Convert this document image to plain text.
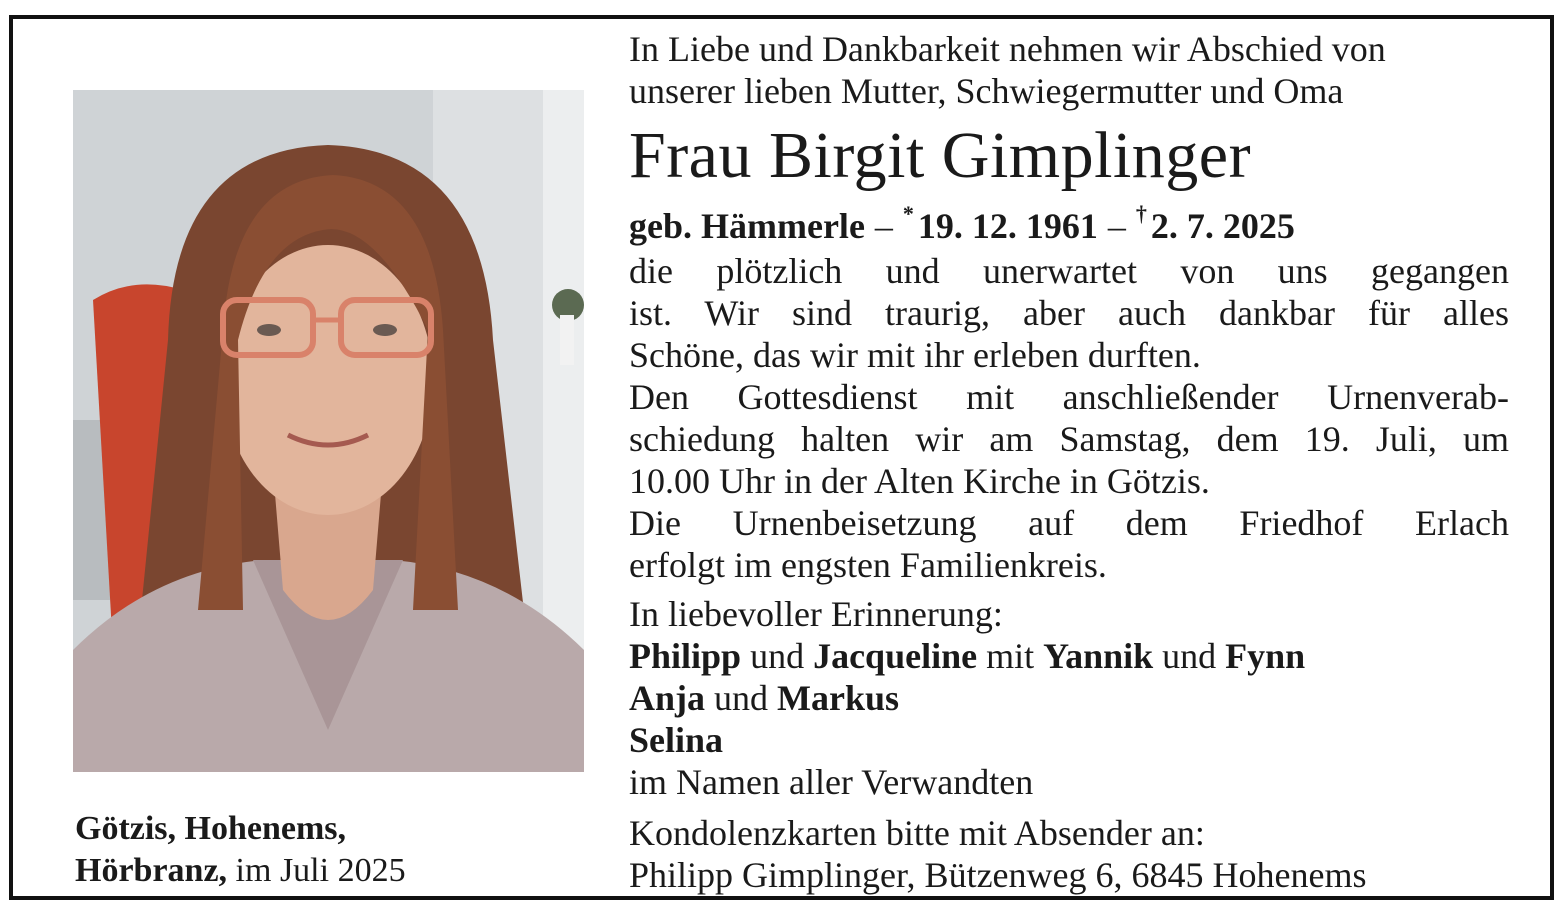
In Liebe und Dankbarkeit nehmen wir Abschied von
unserer lieben Mutter, Schwiegermutter und Oma
Frau Birgit Gimplinger
geb. Hämmerle – * 19. 12. 1961 – † 2. 7. 2025
die plötzlich und unerwartet von uns gegangen
ist. Wir sind traurig, aber auch dankbar für alles
Schöne, das wir mit ihr erleben durften.
Den Gottesdienst mit anschließender Urnenverab-
schiedung halten wir am Samstag, dem 19. Juli, um
10.00 Uhr in der Alten Kirche in Götzis.
Die Urnenbeisetzung auf dem Friedhof Erlach
erfolgt im engsten Familienkreis.
In liebevoller Erinnerung:
Philipp und Jacqueline mit Yannik und Fynn
Anja und Markus
Selina
im Namen aller Verwandten
Kondolenzkarten bitte mit Absender an:
Philipp Gimplinger, Bützenweg 6, 6845 Hohenems
Götzis, Hohenems,
Hörbranz, im Juli 2025
